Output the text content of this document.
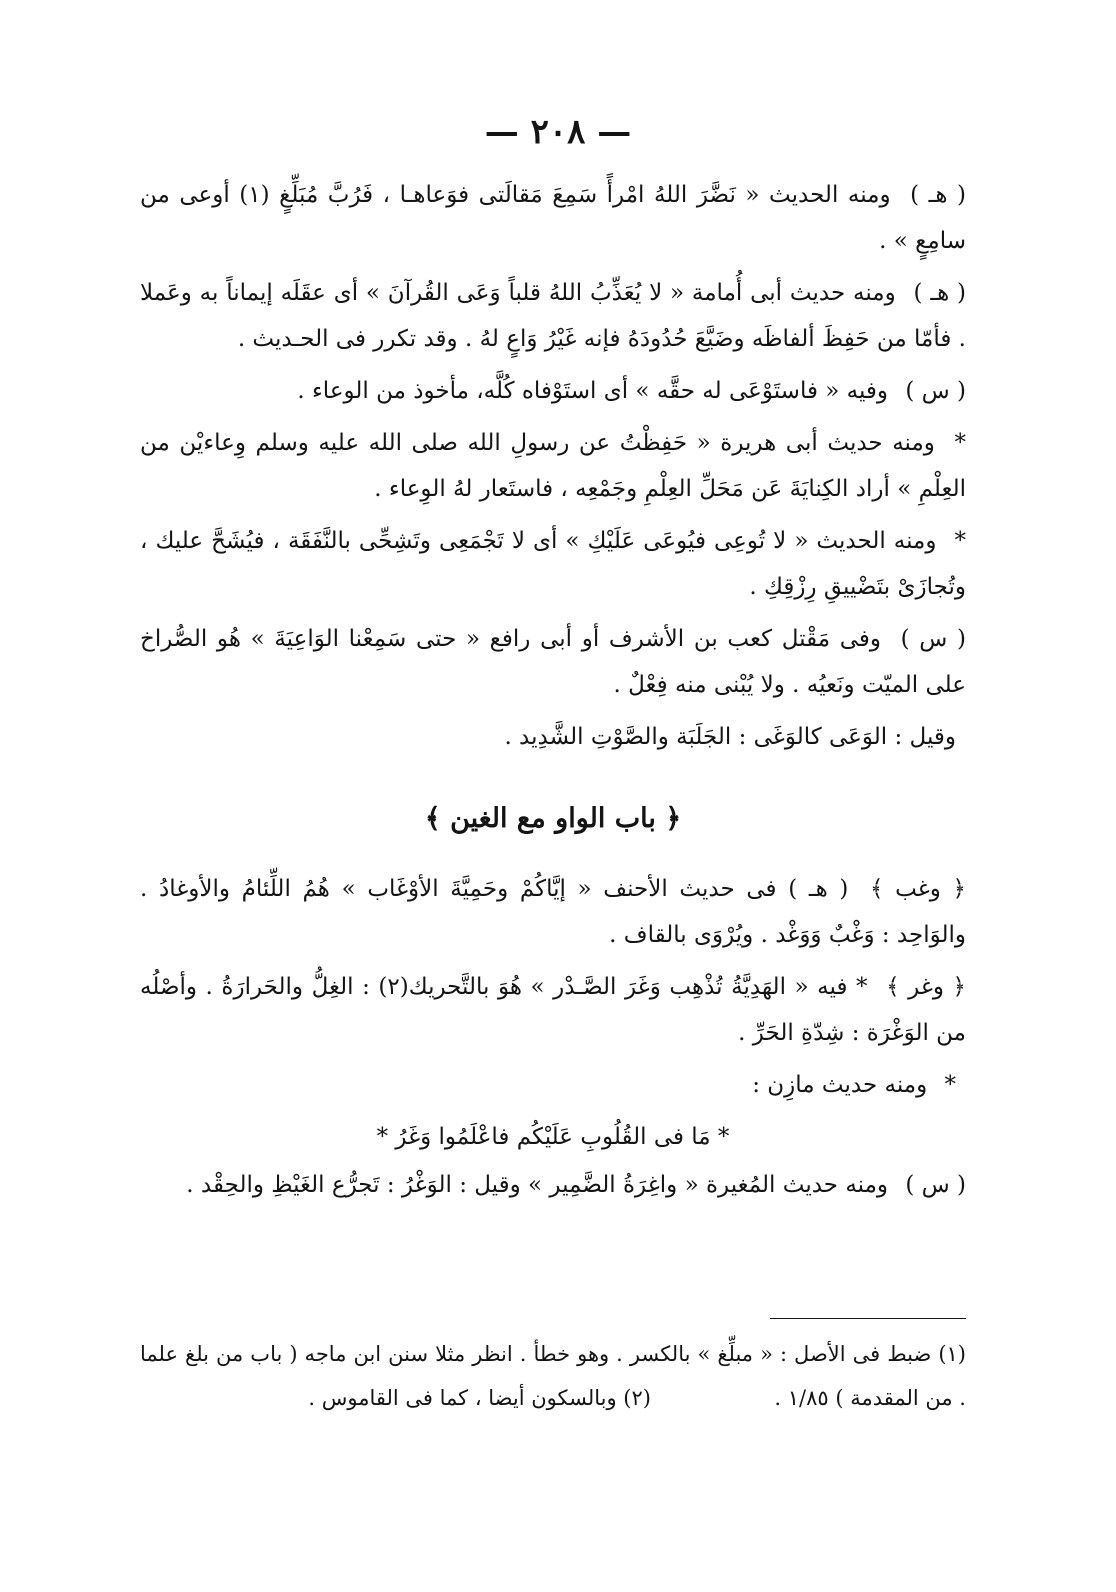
— ٢٠٨ —

( هـ ) ومنه الحديث « نَضَّرَ اللهُ امْرأً سَمِعَ مَقالَتى فوَعاهـا ، فَرُبَّ مُبَلِّغٍ (١) أوعى من سامِعٍ » .

( هـ ) ومنه حديث أبى أُمامة « لا يُعَذِّبُ اللهُ قلباً وَعَى القُرآنَ » أى عقَلَه إيماناً به وعَملا . فأمّا من حَفِظَ ألفاظَه وضَيَّعَ حُدُودَهُ فإنه غَيْرُ وَاعٍ لهُ . وقد تكرر فى الحـديث .

( س ) وفيه « فاستَوْعَى له حقَّه » أى استَوْفاه كُلَّه، مأخوذ من الوعاء .

* ومنه حديث أبى هريرة « حَفِظْتُ عن رسولِ الله صلى الله عليه وسلم وِعاءيْن من العِلْمِ » أراد الكِنايَةَ عَن مَحَلِّ العِلْمِ وجَمْعِه ، فاستَعار لهُ الوِعاء .

* ومنه الحديث « لا تُوعِى فيُوعَى عَلَيْكِ » أى لا تَجْمَعِى وتَشِحِّى بالنَّفَقَة ، فيُشَحَّ عليك ، وتُجازَىْ بتَضْييقِ رِزْقِكِ .

( س ) وفى مَقْتل كعب بن الأشرف أو أبى رافع « حتى سَمِعْنا الوَاعِيَةَ » هُو الصُّراخ على الميّت ونَعيُه . ولا يُبْنى منه فِعْلٌ .

وقيل : الوَعَى كالوَغَى : الجَلَبَة والصَّوْتِ الشَّدِيد .

﴿ باب الواو مع الغين ﴾

﴿ وغب ﴾ ( هـ ) فى حديث الأحنف « إيَّاكُمْ وحَمِيَّةَ الأوْغَاب » هُمُ اللِّئامُ والأوغادُ . والوَاحِد : وَغْبٌ وَوَغْد . ويُرْوَى بالقاف .

﴿ وغر ﴾ * فيه « الهَدِيَّةُ تُذْهِب وَغَرَ الصَّـدْر » هُوَ بالتَّحريك(٢) : الغِلُّ والحَرارَةُ . وأصْلُه من الوَغْرَة : شِدّةِ الحَرِّ .

* ومنه حديث مازِن :

* مَا فى القُلُوبِ عَلَيْكُم فاعْلَمُوا وَغَرُ *

( س ) ومنه حديث المُغيرة « واغِرَةُ الضَّمِير » وقيل : الوَغْرُ : تَجرُّع الغَيْظِ والحِقْد .

(١) ضبط فى الأصل : « مبلِّغ » بالكسر . وهو خطأ . انظر مثلا سنن ابن ماجه ( باب من بلغ علما . من المقدمة ) ١/٨٥ .  (٢) وبالسكون أيضا ، كما فى القاموس .
